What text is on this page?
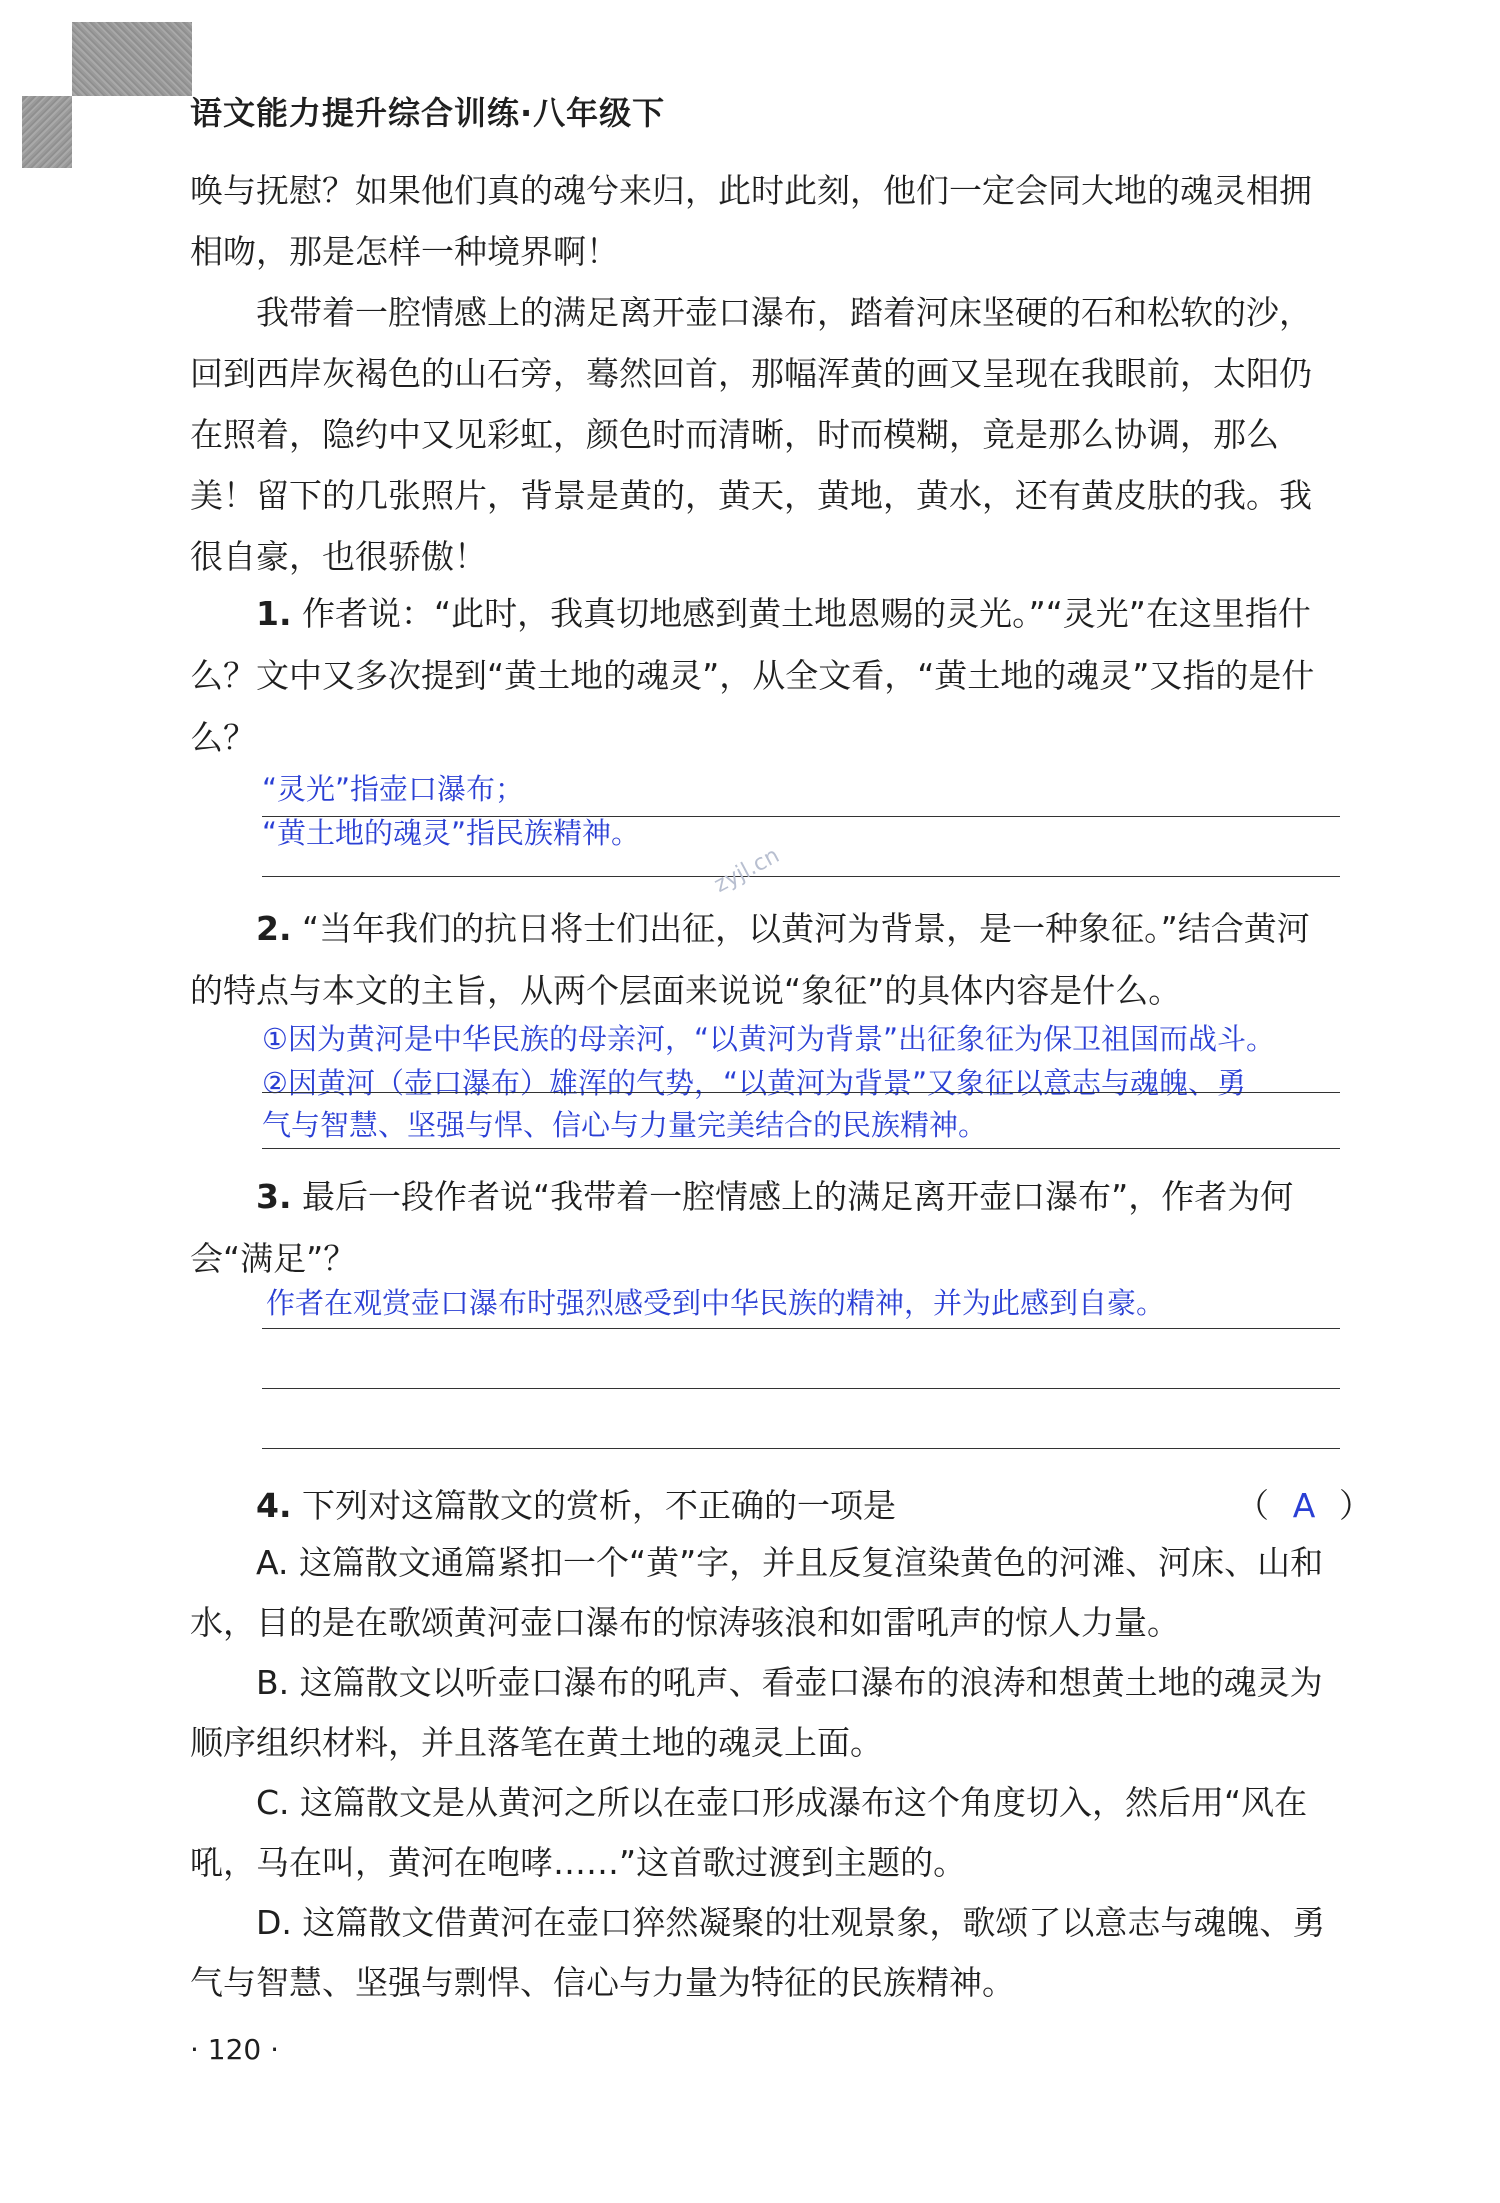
语文能力提升综合训练·八年级下

唤与抚慰？如果他们真的魂兮来归，此时此刻，他们一定会同大地的魂灵相拥相吻，那是怎样一种境界啊！

我带着一腔情感上的满足离开壶口瀑布，踏着河床坚硬的石和松软的沙，回到西岸灰褐色的山石旁，蓦然回首，那幅浑黄的画又呈现在我眼前，太阳仍在照着，隐约中又见彩虹，颜色时而清晰，时而模糊，竟是那么协调，那么美！留下的几张照片，背景是黄的，黄天，黄地，黄水，还有黄皮肤的我。我很自豪，也很骄傲！

1. 作者说：“此时，我真切地感到黄土地恩赐的灵光。”“灵光”在这里指什么？文中又多次提到“黄土地的魂灵”，从全文看，“黄土地的魂灵”又指的是什么？

“灵光”指壶口瀑布；
“黄土地的魂灵”指民族精神。
zyjl.cn

2. “当年我们的抗日将士们出征，以黄河为背景，是一种象征。”结合黄河的特点与本文的主旨，从两个层面来说说“象征”的具体内容是什么。

①因为黄河是中华民族的母亲河，“以黄河为背景”出征象征为保卫祖国而战斗。
②因黄河（壶口瀑布）雄浑的气势，“以黄河为背景”又象征以意志与魂魄、勇
气与智慧、坚强与悍、信心与力量完美结合的民族精神。

3. 最后一段作者说“我带着一腔情感上的满足离开壶口瀑布”，作者为何会“满足”？

作者在观赏壶口瀑布时强烈感受到中华民族的精神，并为此感到自豪。

4. 下列对这篇散文的赏析，不正确的一项是	（ A ）

A. 这篇散文通篇紧扣一个“黄”字，并且反复渲染黄色的河滩、河床、山和水，目的是在歌颂黄河壶口瀑布的惊涛骇浪和如雷吼声的惊人力量。

B. 这篇散文以听壶口瀑布的吼声、看壶口瀑布的浪涛和想黄土地的魂灵为顺序组织材料，并且落笔在黄土地的魂灵上面。

C. 这篇散文是从黄河之所以在壶口形成瀑布这个角度切入，然后用“风在吼，马在叫，黄河在咆哮……”这首歌过渡到主题的。

D. 这篇散文借黄河在壶口猝然凝聚的壮观景象，歌颂了以意志与魂魄、勇气与智慧、坚强与剽悍、信心与力量为特征的民族精神。

· 120 ·
